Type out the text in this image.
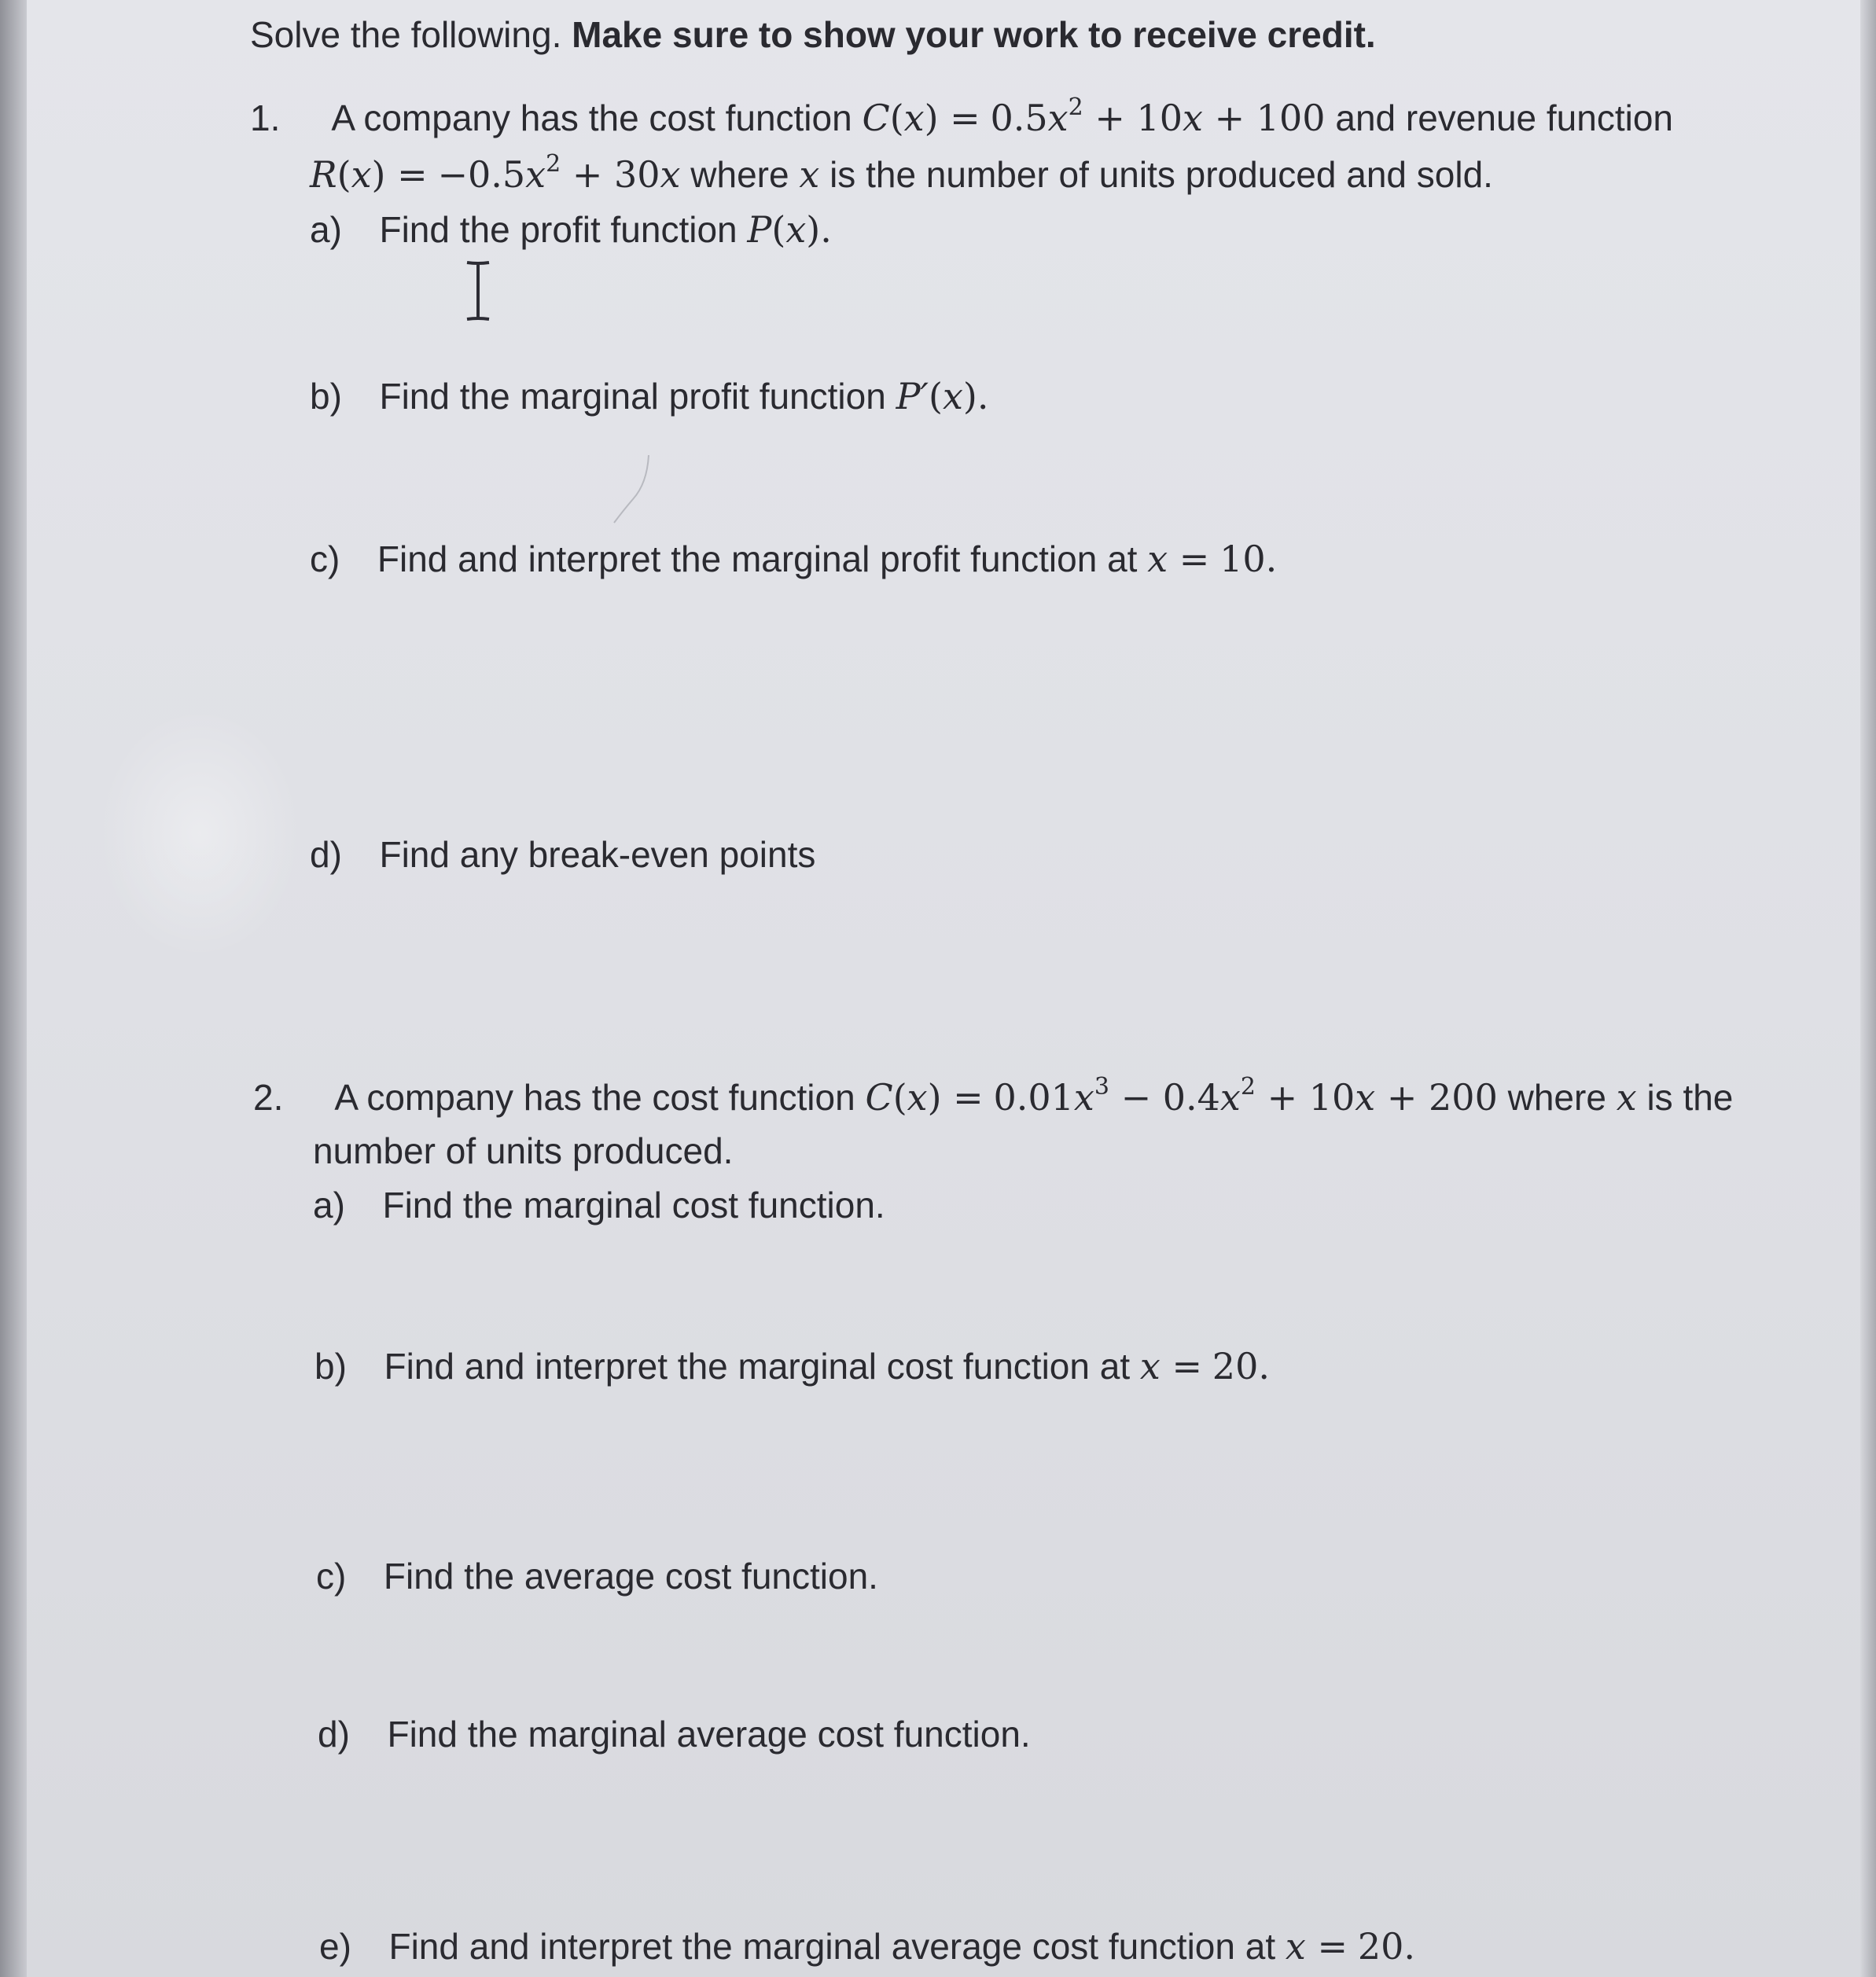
Solve the following. Make sure to show your work to receive credit.
1. A company has the cost function $C(x) = 0.5x^2 + 10x + 100$ and revenue function
$R(x) = -0.5x^2 + 30x$ where x is the number of units produced and sold.
a) Find the profit function P(x).
b) Find the marginal profit function P′(x).
c) Find and interpret the marginal profit function at x = 10.
d) Find any break-even points
2. A company has the cost function $C(x) = 0.01x^3 - 0.4x^2 + 10x + 200$ where x is the
number of units produced.
a) Find the marginal cost function.
b) Find and interpret the marginal cost function at x = 20.
c) Find the average cost function.
d) Find the marginal average cost function.
e) Find and interpret the marginal average cost function at x = 20.
